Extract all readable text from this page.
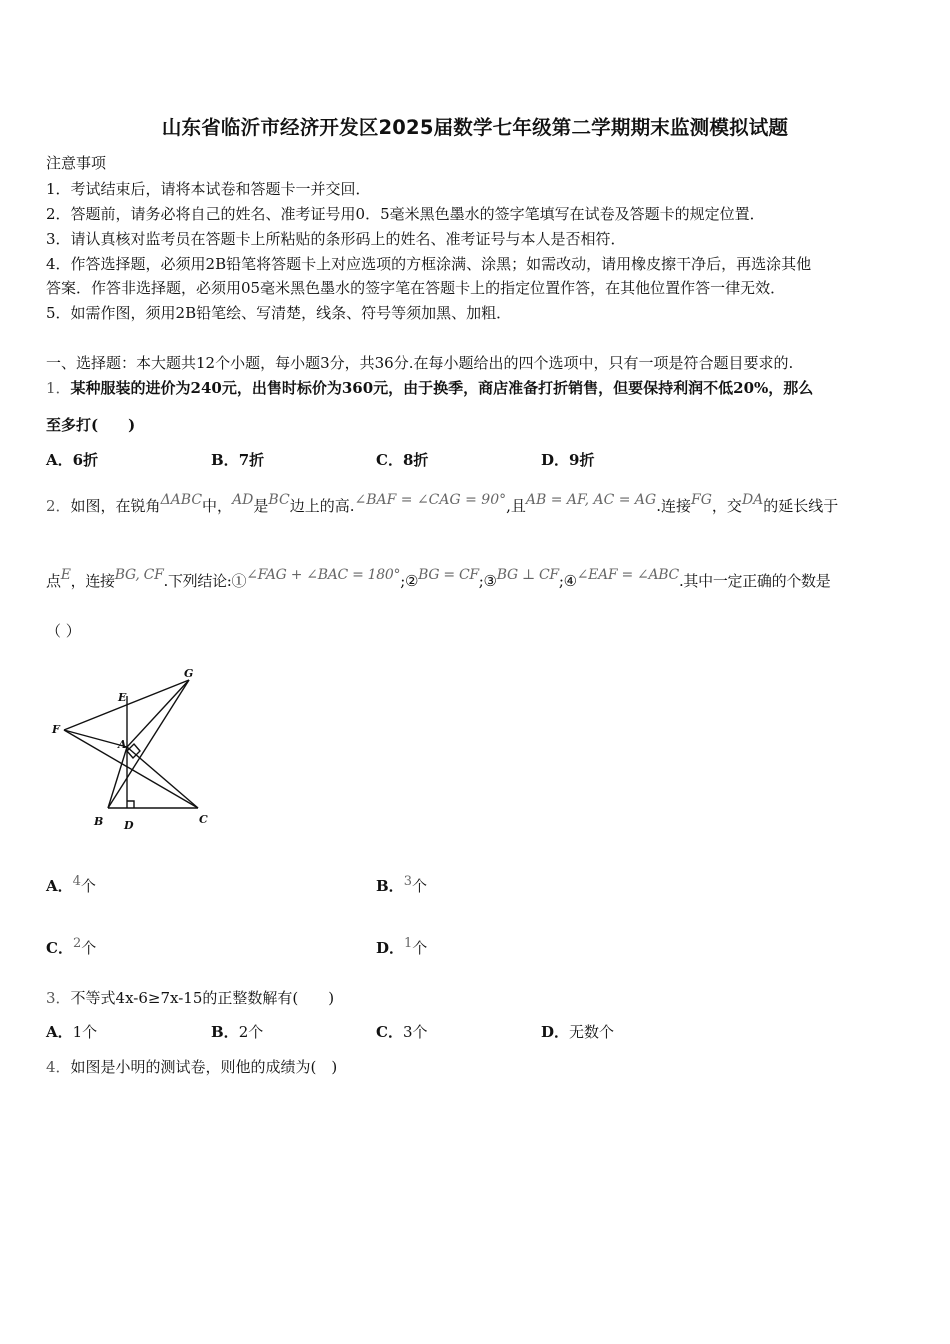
山东省临沂市经济开发区2025届数学七年级第二学期期末监测模拟试题
注意事项
1．考试结束后，请将本试卷和答题卡一并交回．
2．答题前，请务必将自己的姓名、准考证号用0．5毫米黑色墨水的签字笔填写在试卷及答题卡的规定位置．
3．请认真核对监考员在答题卡上所粘贴的条形码上的姓名、准考证号与本人是否相符．
4．作答选择题，必须用2B铅笔将答题卡上对应选项的方框涂满、涂黑；如需改动，请用橡皮擦干净后，再选涂其他
答案．作答非选择题，必须用05毫米黑色墨水的签字笔在答题卡上的指定位置作答，在其他位置作答一律无效．
5．如需作图，须用2B铅笔绘、写清楚，线条、符号等须加黑、加粗．
一、选择题：本大题共12个小题，每小题3分，共36分.在每小题给出的四个选项中，只有一项是符合题目要求的.
1．某种服装的进价为240元，出售时标价为360元，由于换季，商店准备打折销售，但要保持利润不低20%，那么
至多打(　　)
A．6折	B．7折	C．8折	D．9折
2．如图，在锐角ΔABC中，AD是BC边上的高.∠BAF = ∠CAG = 90°,且AB = AF, AC = AG.连接FG，交DA的延长线于
点E，连接BG, CF.下列结论:①∠FAG + ∠BAC = 180°;②BG = CF;③BG ⊥ CF;④∠EAF = ∠ABC.其中一定正确的个数是
（ ）
G
E
F
A
B D	C
A．4个	B．3个
C．2个	D．1个
3．不等式4x-6≥7x-15的正整数解有(　　)
A．1个	B．2个	C．3个	D．无数个
4．如图是小明的测试卷，则他的成绩为(　)
